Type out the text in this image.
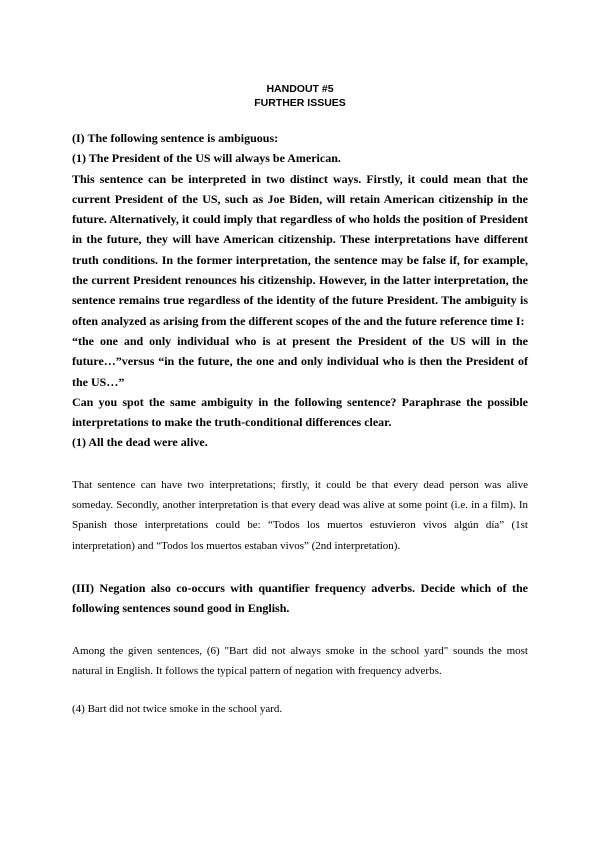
HANDOUT #5

FURTHER ISSUES

(I) The following sentence is ambiguous:

(1) The President of the US will always be American.

This sentence can be interpreted in two distinct ways. Firstly, it could mean that the current President of the US, such as Joe Biden, will retain American citizenship in the future. Alternatively, it could imply that regardless of who holds the position of President in the future, they will have American citizenship. These interpretations have different truth conditions. In the former interpretation, the sentence may be false if, for example, the current President renounces his citizenship. However, in the latter interpretation, the sentence remains true regardless of the identity of the future President. The ambiguity is often analyzed as arising from the different scopes of the and the future reference time I:

“the one and only individual who is at present the President of the US will in the future…”versus “in the future, the one and only individual who is then the President of the US…”

Can you spot the same ambiguity in the following sentence? Paraphrase the possible interpretations to make the truth-conditional differences clear.

(1) All the dead were alive.

That sentence can have two interpretations; firstly, it could be that every dead person was alive someday. Secondly, another interpretation is that every dead was alive at some point (i.e. in a film). In Spanish those interpretations could be: “Todos los muertos estuvieron vivos algún día” (1st interpretation) and “Todos los muertos estaban vivos” (2nd interpretation).

(III) Negation also co-occurs with quantifier frequency adverbs. Decide which of the following sentences sound good in English.

Among the given sentences, (6) "Bart did not always smoke in the school yard" sounds the most natural in English. It follows the typical pattern of negation with frequency adverbs.

(4) Bart did not twice smoke in the school yard.
